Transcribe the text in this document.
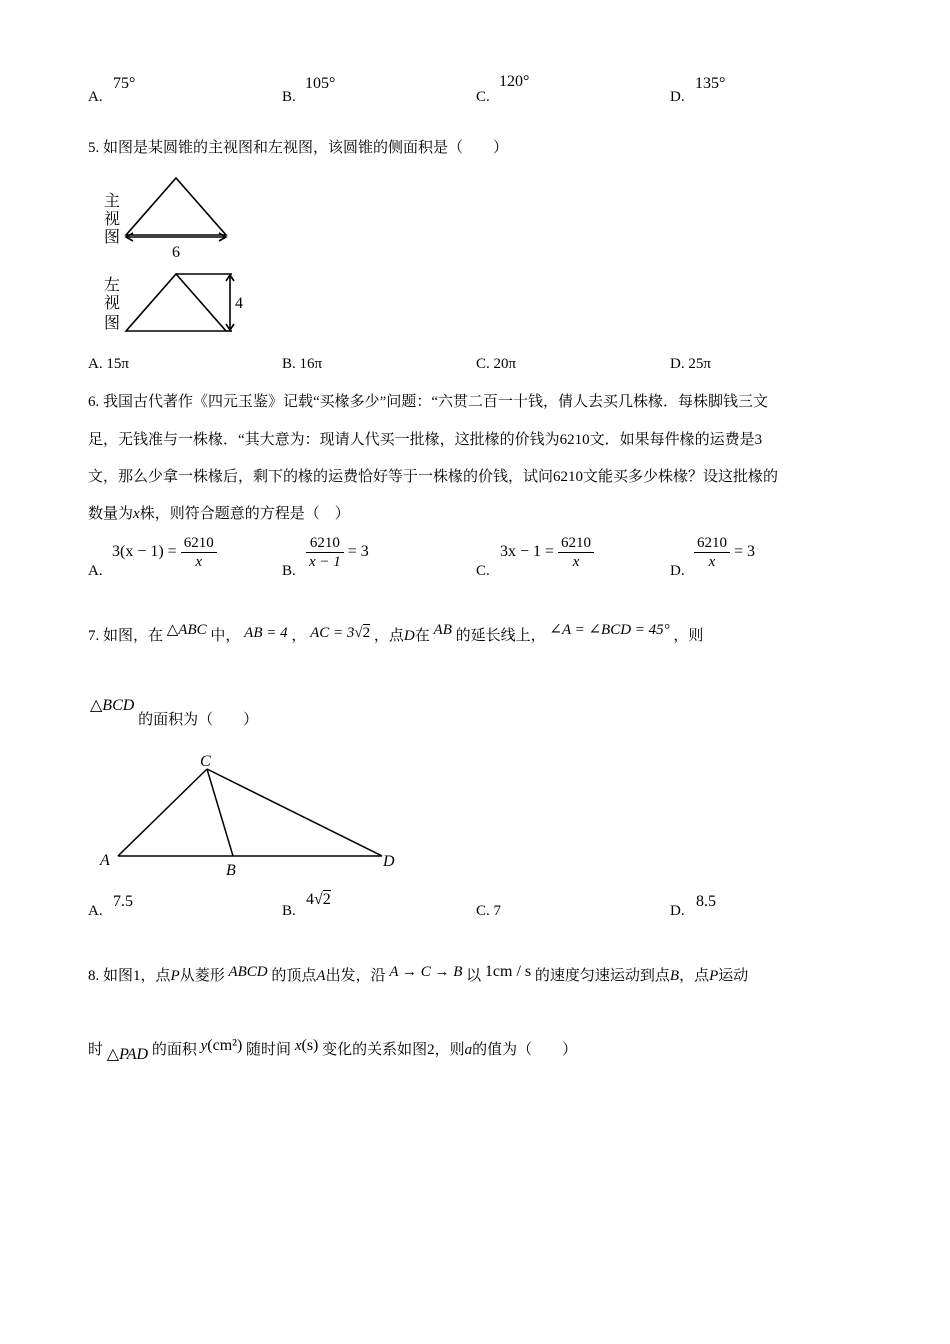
A.
75°
B.
105°
C.
120°
D.
135°
5. 如图是某圆锥的主视图和左视图，该圆锥的侧面积是（　　）
主
视
图
6
左
视
图
4
A. 15π	B. 16π	C. 20π	D. 25π
6. 我国古代著作《四元玉鉴》记载“买椽多少”问题：“六贯二百一十钱，倩人去买几株椽．每株脚钱三文
足，无钱准与一株椽．“其大意为：现请人代买一批椽，这批椽的价钱为6210文．如果每件椽的运费是3
文，那么少拿一株椽后，剩下的椽的运费恰好等于一株椽的价钱，试问6210文能买多少株椽？设这批椽的
数量为x株，则符合题意的方程是（　）
A.
$3(x - 1) = \frac{6210}{x}$	B. $\frac{6210}{x - 1} = 3$
C.
$3x - 1 = \frac{6210}{x}$	D. $\frac{6210}{x} = 3$
7. 如图，在 △ABC 中， AB = 4 ， AC = 3√2 ，点D在 AB 的延长线上， ∠A = ∠BCD = 45° ，则
△BCD 的面积为（　　）
C
A
B
D
A.
7.5
B.
4√2
C. 7	D.
8.5
8. 如图1，点P从菱形 ABCD 的顶点A出发，沿 A → C → B 以 1cm / s 的速度匀速运动到点B，点P运动
时 △PAD 的面积 y(cm²) 随时间 x(s) 变化的关系如图2，则a的值为（　　）
